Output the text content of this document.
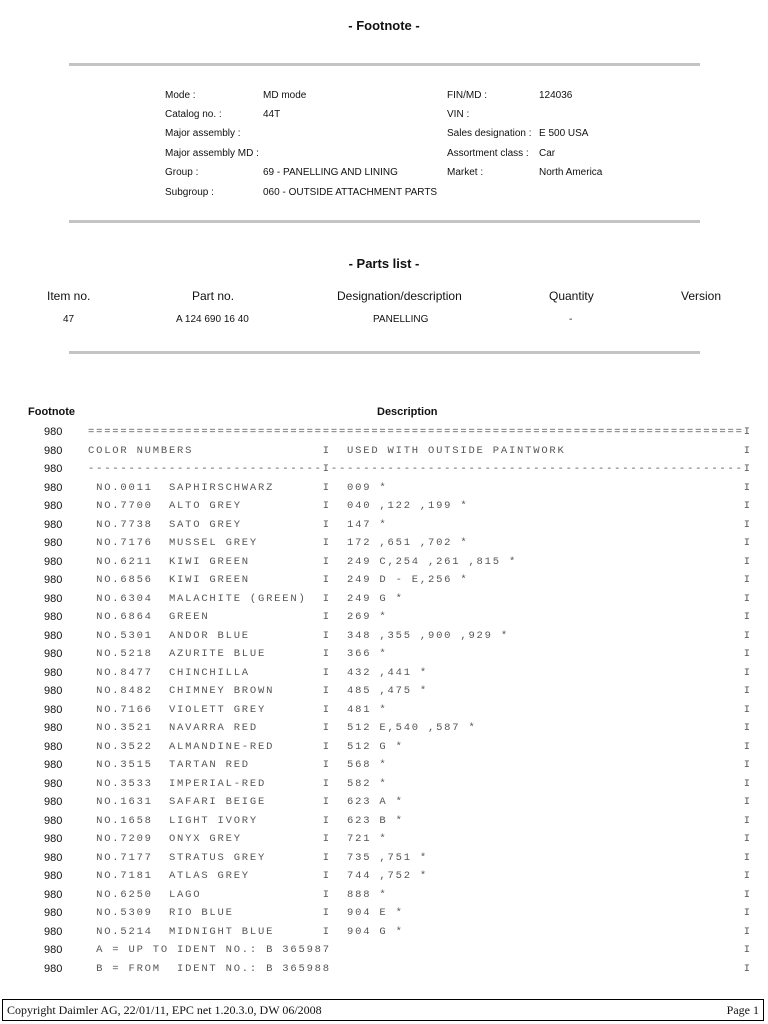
- Footnote -
Mode :	MD mode
Catalog no. :	44T
Major assembly :
Major assembly MD :
Group :	69 - PANELLING AND LINING
Subgroup :	060 - OUTSIDE ATTACHMENT PARTS
FIN/MD :	124036
VIN :
Sales designation : E 500 USA
Assortment class : Car
Market :	North America
- Parts list -
Item no.	Part no.	Designation/description	Quantity	Version
47	A 124 690 16 40	PANELLING	-
Footnote	Description
980 =================================================================================I
980 COLOR NUMBERS                I  USED WITH OUTSIDE PAINTWORK                      I
980 -----------------------------I---------------------------------------------------I
980 NO.0011  SAPHIRSCHWARZ      I  009 *                                            I
980 NO.7700  ALTO GREY          I  040 ,122 ,199 *                                  I
980 NO.7738  SATO GREY          I  147 *                                            I
980 NO.7176  MUSSEL GREY        I  172 ,651 ,702 *                                  I
980 NO.6211  KIWI GREEN         I  249 C,254 ,261 ,815 *                            I
980 NO.6856  KIWI GREEN         I  249 D - E,256 *                                  I
980 NO.6304  MALACHITE (GREEN)  I  249 G *                                          I
980 NO.6864  GREEN              I  269 *                                            I
980 NO.5301  ANDOR BLUE         I  348 ,355 ,900 ,929 *                             I
980 NO.5218  AZURITE BLUE       I  366 *                                            I
980 NO.8477  CHINCHILLA         I  432 ,441 *                                       I
980 NO.8482  CHIMNEY BROWN      I  485 ,475 *                                       I
980 NO.7166  VIOLETT GREY       I  481 *                                            I
980 NO.3521  NAVARRA RED        I  512 E,540 ,587 *                                 I
980 NO.3522  ALMANDINE-RED      I  512 G *                                          I
980 NO.3515  TARTAN RED         I  568 *                                            I
980 NO.3533  IMPERIAL-RED       I  582 *                                            I
980 NO.1631  SAFARI BEIGE       I  623 A *                                          I
980 NO.1658  LIGHT IVORY        I  623 B *                                          I
980 NO.7209  ONYX GREY          I  721 *                                            I
980 NO.7177  STRATUS GREY       I  735 ,751 *                                       I
980 NO.7181  ATLAS GREY         I  744 ,752 *                                       I
980 NO.6250  LAGO               I  888 *                                            I
980 NO.5309  RIO BLUE           I  904 E *                                          I
980 NO.5214  MIDNIGHT BLUE      I  904 G *                                          I
980 A = UP TO IDENT NO.: B 365987                                                   I
980 B = FROM  IDENT NO.: B 365988                                                   I
Copyright Daimler AG, 22/01/11, EPC net 1.20.3.0, DW 06/2008	Page 1
